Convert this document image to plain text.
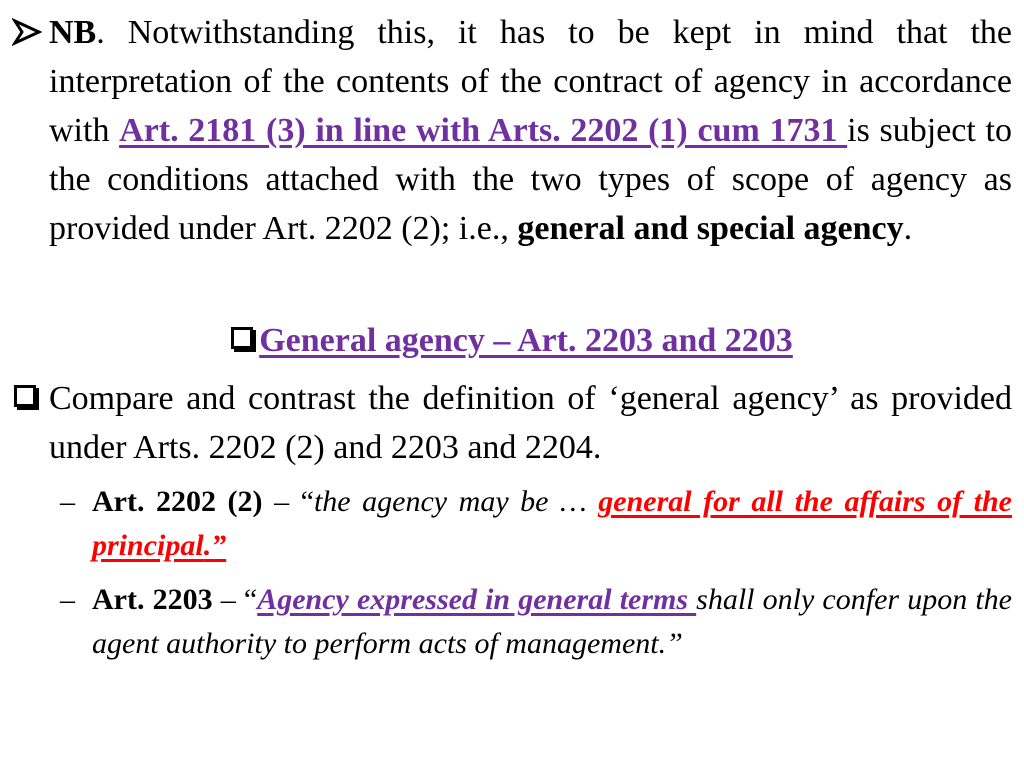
NB. Notwithstanding this, it has to be kept in mind that the interpretation of the contents of the contract of agency in accordance with Art. 2181 (3) in line with Arts. 2202 (1) cum 1731 is subject to the conditions attached with the two types of scope of agency as provided under Art. 2202 (2); i.e., general and special agency.
General agency – Art. 2203 and 2203
Compare and contrast the definition of ‘general agency’ as provided under Arts. 2202 (2) and 2203 and 2204.
– Art. 2202 (2) – “the agency may be … general for all the affairs of the principal.”
– Art. 2203 – “Agency expressed in general terms shall only confer upon the agent authority to perform acts of management.”
